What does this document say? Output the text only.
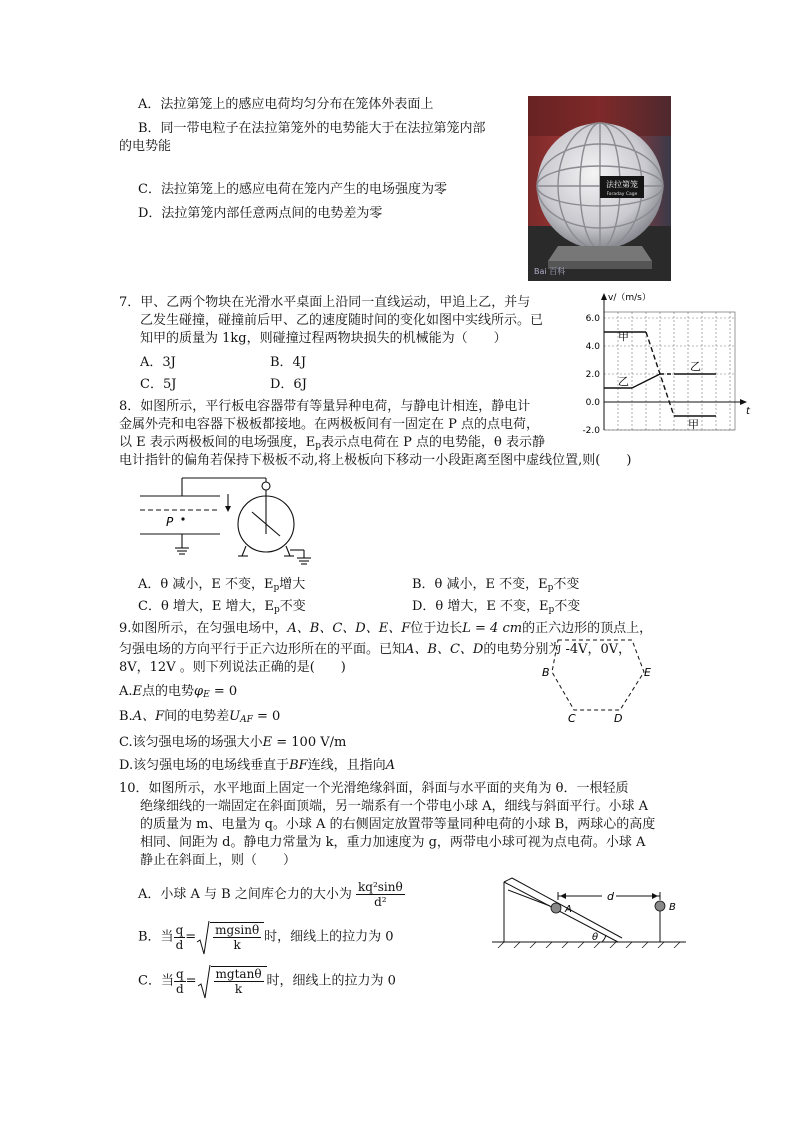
A．法拉第笼上的感应电荷均匀分布在笼体外表面上
B．同一带电粒子在法拉第笼外的电势能大于在法拉第笼内部
的电势能
C．法拉第笼上的感应电荷在笼内产生的电场强度为零
D．法拉第笼内部任意两点间的电势差为零
法拉第笼
Faraday Cage
Bai 百科
7．甲、乙两个物块在光滑水平桌面上沿同一直线运动，甲追上乙，并与
乙发生碰撞，碰撞前后甲、乙的速度随时间的变化如图中实线所示。已
知甲的质量为 1kg，则碰撞过程两物块损失的机械能为（　　）
A．3J	B．4J
C．5J	D．6J
v/（m/s）
t
6.0
4.0
2.0
0.0
-2.0
甲
乙
乙
甲
8．如图所示，平行板电容器带有等量异种电荷，与静电计相连，静电计
金属外壳和电容器下极板都接地。在两极板间有一固定在 P 点的点电荷，
以 E 表示两极板间的电场强度，$E_p$表示点电荷在 P 点的电势能，θ 表示静
电计指针的偏角若保持下极板不动,将上极板向下移动一小段距离至图中虚线位置,则(　　)
P
A．θ 减小，E 不变，$E_p$增大	B．θ 减小，E 不变，$E_p$不变
C．θ 增大，E 增大，$E_p$不变	D．θ 增大，E 不变，$E_p$不变
9.如图所示，在匀强电场中，A、B、C、D、E、F位于边长L = 4 cm的正六边形的顶点上，
匀强电场的方向平行于正六边形所在的平面。已知A、B、C、D的电势分别为 -4V，0V，
8V，12V 。则下列说法正确的是(　　)
A.E点的电势$\varphi_E = 0$
B.A、F间的电势差$U_{AF} = 0$
C.该匀强电场的场强大小E = 100 V/m
D.该匀强电场的电场线垂直于BF连线，且指向A
B	E
C	D
10．如图所示，水平地面上固定一个光滑绝缘斜面，斜面与水平面的夹角为 θ．一根轻质
绝缘细线的一端固定在斜面顶端，另一端系有一个带电小球 A，细线与斜面平行。小球 A
的质量为 m、电量为 q。小球 A 的右侧固定放置带等量同种电荷的小球 B，两球心的高度
相同、间距为 d。静电力常量为 k，重力加速度为 g，两带电小球可视为点电荷。小球 A
静止在斜面上，则（　　）
A．小球 A 与 B 之间库仑力的大小为 $\frac{\text{kq²sinθ}}{\text{d²}}$
B．当 $\frac{q}{d} = \frac{mgsin\theta}{k}$ 时，细线上的拉力为 0
C．当 $\frac{q}{d} = \frac{mgtan\theta}{k}$ 时，细线上的拉力为 0
d
A	B
θ
